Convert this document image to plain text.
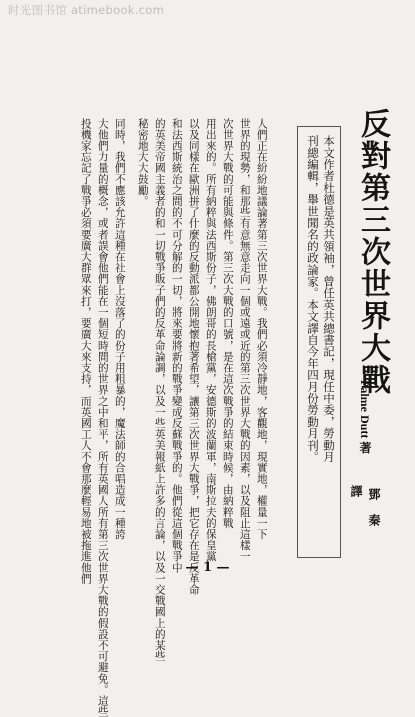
时光图书馆 atimebook.com
反對第三次世界大戰
Palme Dutt 著
鄧 秦
譯
本文作者杜德是英共領袖，曾任英共總書記，現任中委，勞動月
刊總編輯，舉世聞名的政論家。本文譯自今年四月份勞動月刊。
人們正在紛紛地議論著第三次世界大戰。我們必須冷靜地，客觀地，現實地，權量一下
世界的現勢，和那些有意無意走向一個或遠或近的第三次世界大戰的因素，以及阻止這樣一
次世界大戰的可能與條件。第三次大戰的口號，是在這次戰爭的結束時候，由納粹戰
用出來的。所有納粹與法西斯份子，佛朗哥的長槍黨，安德斯的波蘭軍，南斯拉夫的保皇黨
以及同樣在歐洲拼了什麼的反動派都公開地懷抱著希望，讓第三次世界大戰爭，把它存在是反革命
和法西斯統治之間的不可分解的一切，將來要將新的戰爭變成反蘇戰爭的。他們從這個戰爭中
的英美帝國主義者的和一切戰爭販子們的反革命論調，以及一些英美報紙上許多的言論，以及一交戰國上的某些
秘密地大大鼓勵。
同時，我們不應該允許這種在社會上沒落了的份子用粗暴的，魔法師的合唱造成一種誇
大他們力量的概念，或者誤會他們能在一個短時間的世界之中和平，所有英國人所有第三次世界大戰的假設不可避免。這些
投機家忘記了戰爭必須要廣大群眾來打，要廣大來支持，而英國工人不會那麼輕易地被拖進他們	— 1 —
